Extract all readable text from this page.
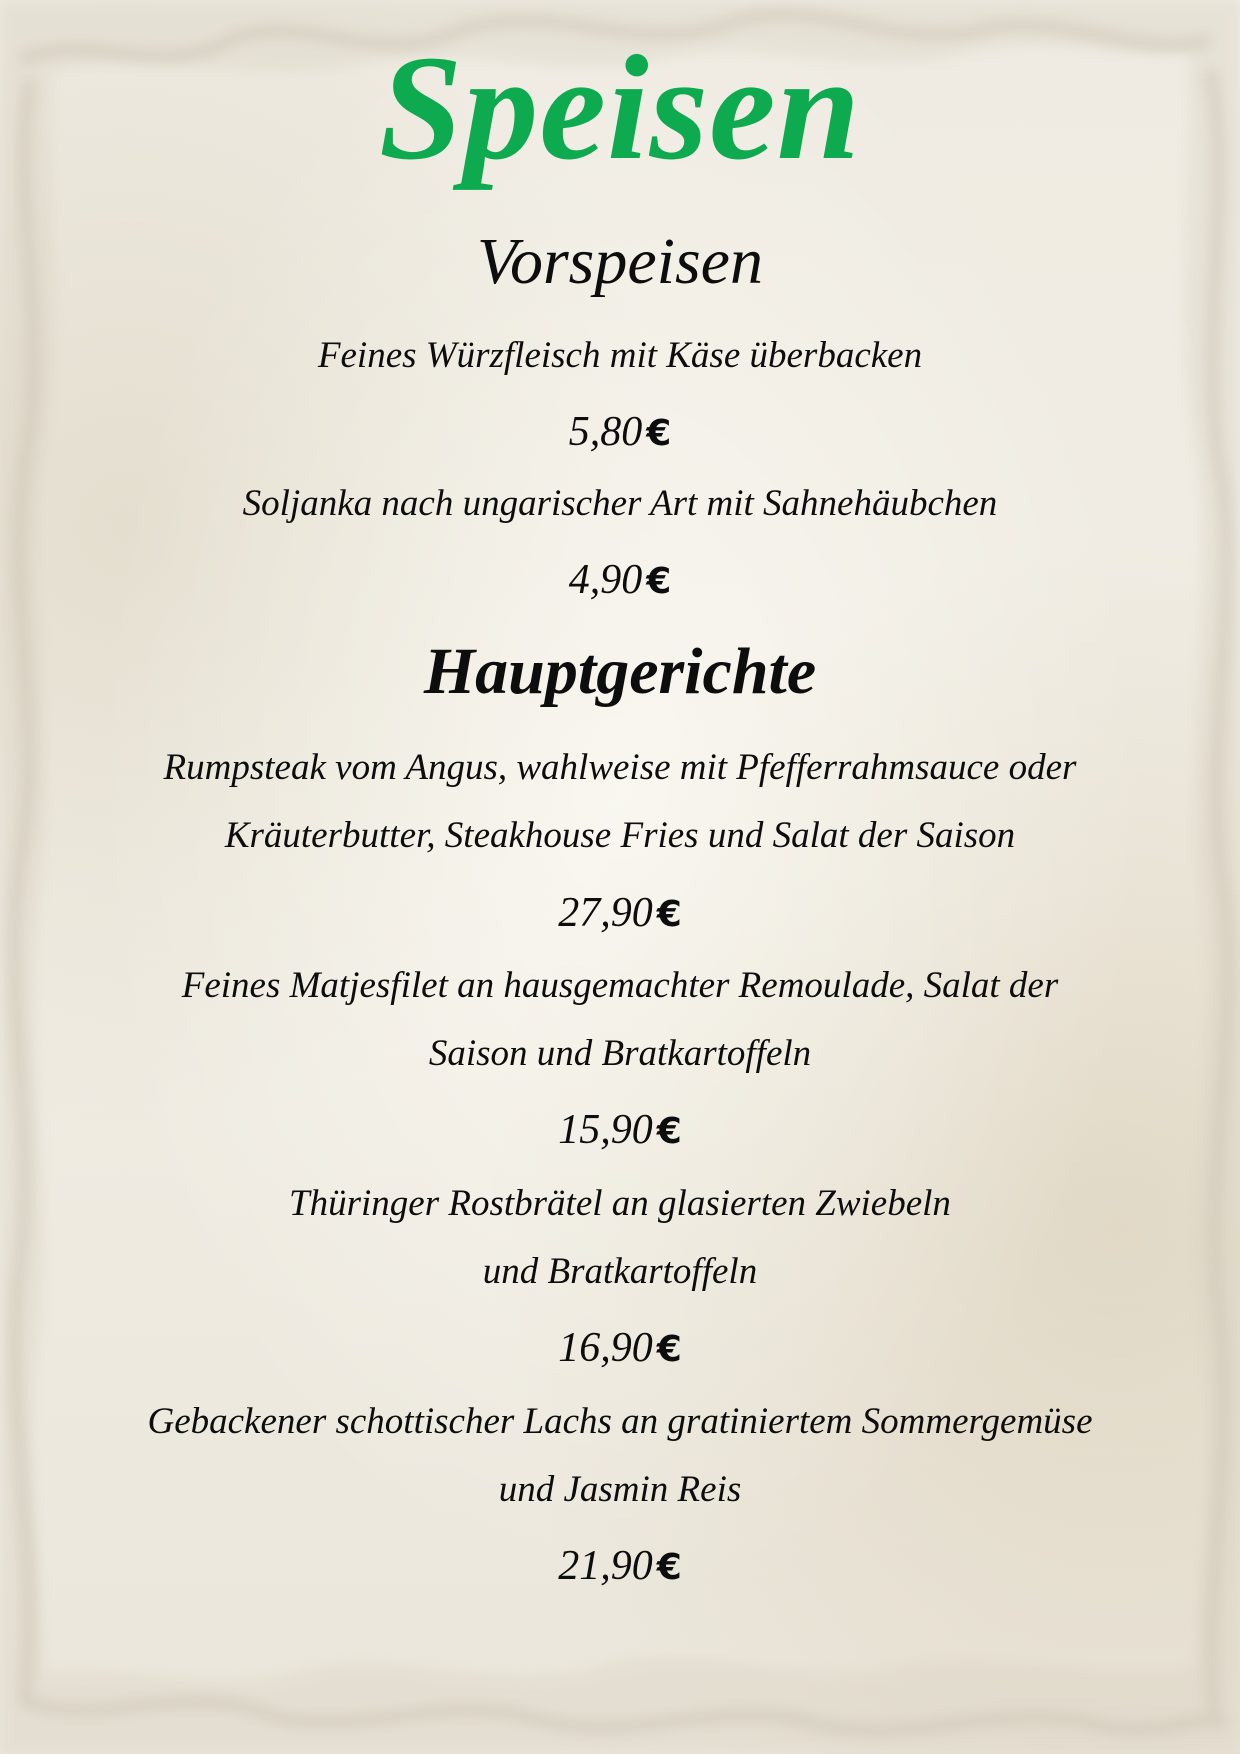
Speisen
Vorspeisen
Feines Würzfleisch mit Käse überbacken
5,80 €
Soljanka nach ungarischer Art mit Sahnehäubchen
4,90 €
Hauptgerichte
Rumpsteak vom Angus, wahlweise mit Pfefferrahmsauce oder
Kräuterbutter, Steakhouse Fries und Salat der Saison
27,90 €
Feines Matjesfilet an hausgemachter Remoulade, Salat der
Saison und Bratkartoffeln
15,90 €
Thüringer Rostbrätel an glasierten Zwiebeln
und Bratkartoffeln
16,90 €
Gebackener schottischer Lachs an gratiniertem Sommergemüse
und Jasmin Reis
21,90 €
